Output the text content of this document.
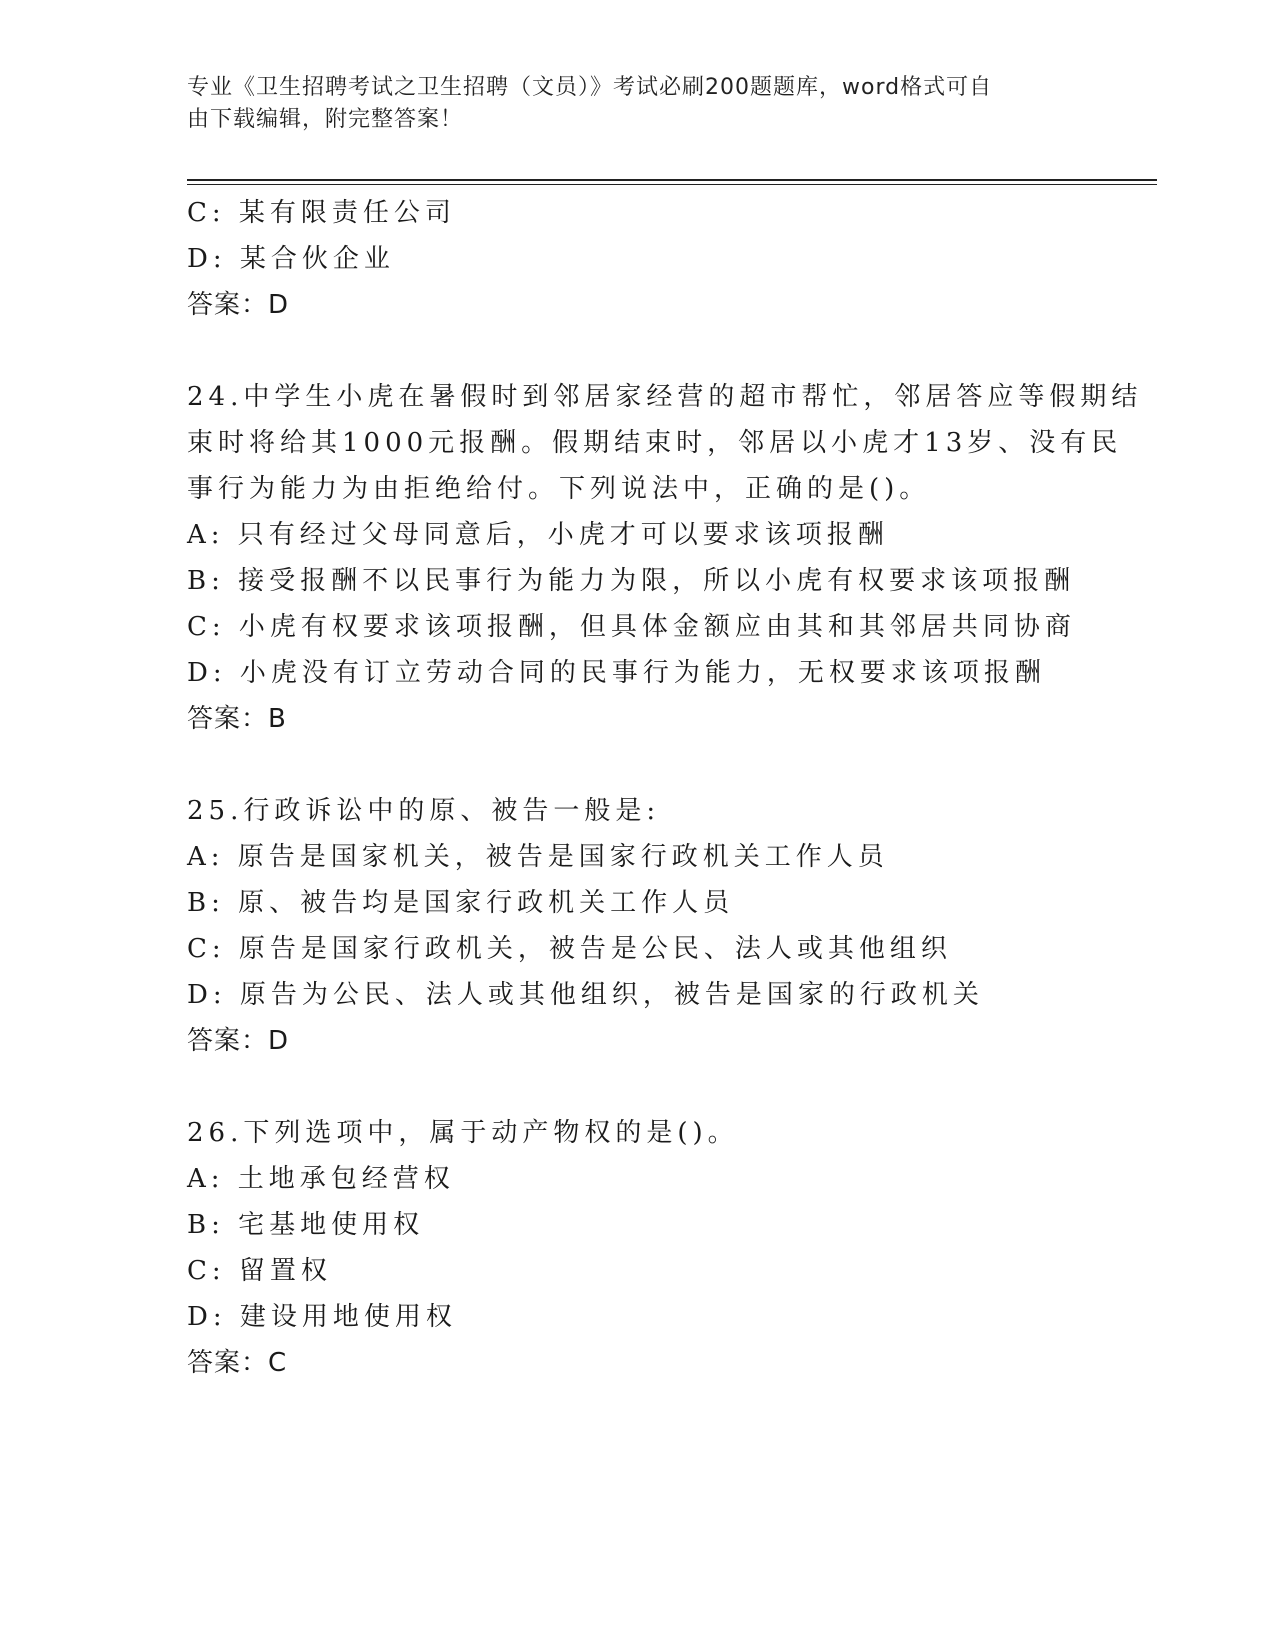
专业《卫生招聘考试之卫生招聘（文员）》考试必刷200题题库，word格式可自
由下载编辑，附完整答案！
C: 某有限责任公司
D: 某合伙企业
答案：D
24.中学生小虎在暑假时到邻居家经营的超市帮忙，邻居答应等假期结
束时将给其1000元报酬。假期结束时，邻居以小虎才13岁、没有民
事行为能力为由拒绝给付。下列说法中，正确的是()。
A: 只有经过父母同意后，小虎才可以要求该项报酬
B: 接受报酬不以民事行为能力为限，所以小虎有权要求该项报酬
C: 小虎有权要求该项报酬，但具体金额应由其和其邻居共同协商
D: 小虎没有订立劳动合同的民事行为能力，无权要求该项报酬
答案：B
25.行政诉讼中的原、被告一般是:
A: 原告是国家机关，被告是国家行政机关工作人员
B: 原、被告均是国家行政机关工作人员
C: 原告是国家行政机关，被告是公民、法人或其他组织
D: 原告为公民、法人或其他组织，被告是国家的行政机关
答案：D
26.下列选项中，属于动产物权的是()。
A: 土地承包经营权
B: 宅基地使用权
C: 留置权
D: 建设用地使用权
答案：C
